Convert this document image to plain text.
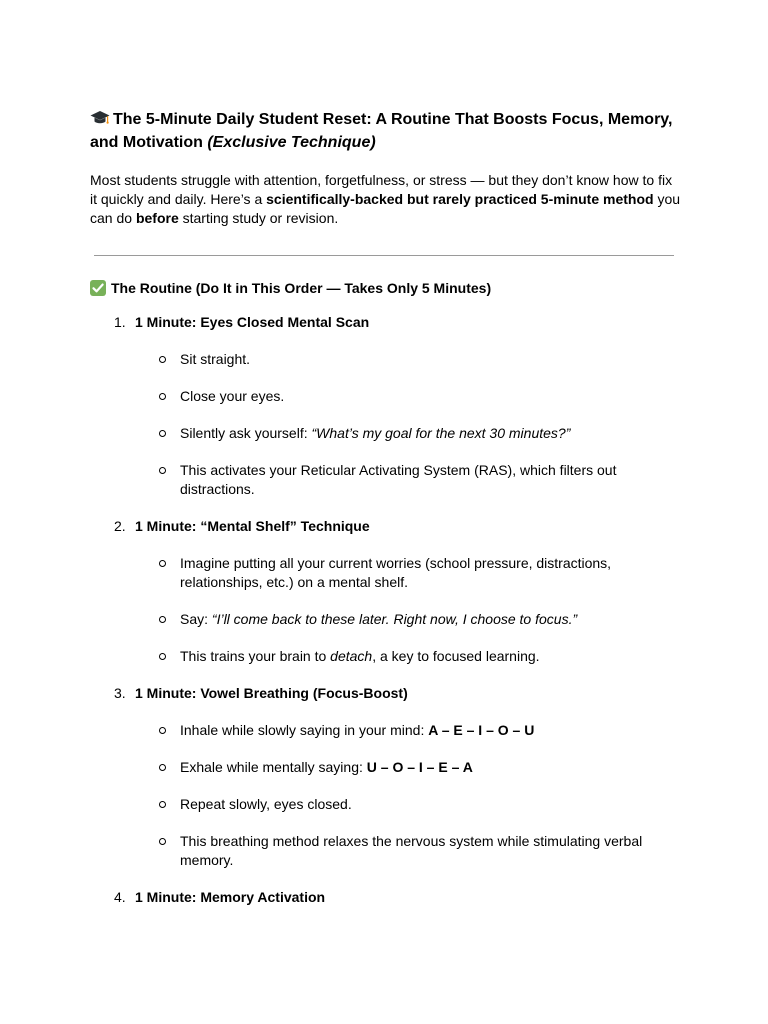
The 5-Minute Daily Student Reset: A Routine That Boosts Focus, Memory, and Motivation (Exclusive Technique)

Most students struggle with attention, forgetfulness, or stress — but they don’t know how to fix it quickly and daily. Here’s a scientifically-backed but rarely practiced 5-minute method you can do before starting study or revision.

The Routine (Do It in This Order — Takes Only 5 Minutes)
1. 1 Minute: Eyes Closed Mental Scan
Sit straight.
Close your eyes.
Silently ask yourself: “What’s my goal for the next 30 minutes?”
This activates your Reticular Activating System (RAS), which filters out distractions.
2. 1 Minute: “Mental Shelf” Technique
Imagine putting all your current worries (school pressure, distractions, relationships, etc.) on a mental shelf.
Say: “I’ll come back to these later. Right now, I choose to focus.”
This trains your brain to detach, a key to focused learning.
3. 1 Minute: Vowel Breathing (Focus-Boost)
Inhale while slowly saying in your mind: A – E – I – O – U
Exhale while mentally saying: U – O – I – E – A
Repeat slowly, eyes closed.
This breathing method relaxes the nervous system while stimulating verbal memory.
4. 1 Minute: Memory Activation
